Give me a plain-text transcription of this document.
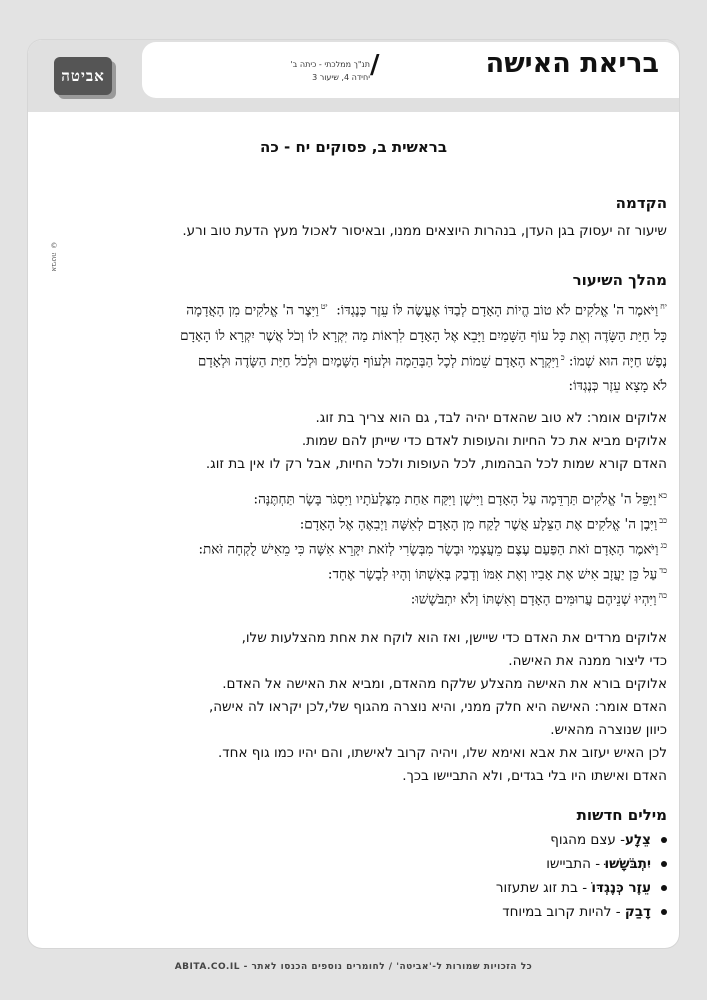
בריאת האישה
/
תנ"ך ממלכתי - כיתה ב'
יחידה 4, שיעור 3
אביטה
© אביטה
בראשית ב, פסוקים יח - כה
הקדמה
שיעור זה יעסוק בגן העדן, בנהרות היוצאים ממנו, ובאיסור לאכול מעץ הדעת טוב ורע.
מהלך השיעור
$^{יח}$וַיֹּאמֶר ה' אֱלֹקִים לֹא טוֹב הֱיוֹת הָאָדָם לְבַדּוֹ אֶעֱשֶׂה לּוֹ עֵזֶר כְּנֶגְדּוֹ:  $^{יט}$וַיִּצֶר ה' אֱלֹקִים מִן הָאֲדָמָה
כָּל חַיַּת הַשָּׂדֶה וְאֵת כָּל עוֹף הַשָּׁמַיִם וַיָּבֵא אֶל הָאָדָם לִרְאוֹת מַה יִּקְרָא לוֹ וְכֹל אֲשֶׁר יִקְרָא לוֹ הָאָדָם
נֶפֶשׁ חַיָּה הוּא שְׁמוֹ: $^כ$וַיִּקְרָא הָאָדָם שֵׁמוֹת לְכָל הַבְּהֵמָה וּלְעוֹף הַשָּׁמַיִם וּלְכֹל חַיַּת הַשָּׂדֶה וּלְאָדָם
לֹא מָצָא עֵזֶר כְּנֶגְדּוֹ:
אלוקים אומר: לא טוב שהאדם יהיה לבד, גם הוא צריך בת זוג.
אלוקים מביא את כל החיות והעופות לאדם כדי שייתן להם שמות.
האדם קורא שמות לכל הבהמות, לכל העופות ולכל החיות, אבל רק לו אין בת זוג.
$^{כא}$וַיַּפֵּל ה' אֱלֹקִים תַּרְדֵּמָה עַל הָאָדָם וַיִּישָׁן וַיִּקַּח אַחַת מִצַּלְעֹתָיו וַיִּסְגֹּר בָּשָׂר תַּחְתֶּנָּה:
$^{כב}$וַיִּבֶן ה' אֱלֹקִים אֶת הַצֵּלָע אֲשֶׁר לָקַח מִן הָאָדָם לְאִשָּׁה וַיְבִאֶהָ אֶל הָאָדָם:
$^{כג}$וַיֹּאמֶר הָאָדָם זֹאת הַפַּעַם עֶצֶם מֵעֲצָמַי וּבָשָׂר מִבְּשָׂרִי לְזֹאת יִקָּרֵא אִשָּׁה כִּי מֵאִישׁ לֻקְחָה זֹּאת:
$^{כד}$עַל כֵּן יַעֲזָב אִישׁ אֶת אָבִיו וְאֶת אִמּוֹ וְדָבַק בְּאִשְׁתּוֹ וְהָיוּ לְבָשָׂר אֶחָד:
$^{כה}$וַיִּהְיוּ שְׁנֵיהֶם עֲרוּמִּים הָאָדָם וְאִשְׁתּוֹ וְלֹא יִתְבֹּשָׁשׁוּ:
אלוקים מרדים את האדם כדי שיישן, ואז הוא לוקח את אחת מהצלעות שלו,
כדי ליצור ממנה את האישה.
אלוקים בורא את האישה מהצלע שלקח מהאדם, ומביא את האישה אל האדם.
האדם אומר: האישה היא חלק ממני, והיא נוצרה מהגוף שלי,לכן יקראו לה אישה,
כיוון שנוצרה מהאיש.
לכן האיש יעזוב את אבא ואימא שלו, ויהיה קרוב לאישתו, והם יהיו כמו גוף אחד.
האדם ואישתו היו בלי בגדים, ולא התביישו בכך.
מילים חדשות
צֵלָע- עצם מהגוף
יִתְבֹּשָׁשׁוּ - התביישו
עֵזֶר כְּנֶגְדּוֹ - בת זוג שתעזור
דָבַק - להיות קרוב במיוחד
כל הזכויות שמורות ל-'אביטה' / לחומרים נוספים הכנסו לאתר - ABITA.CO.IL
